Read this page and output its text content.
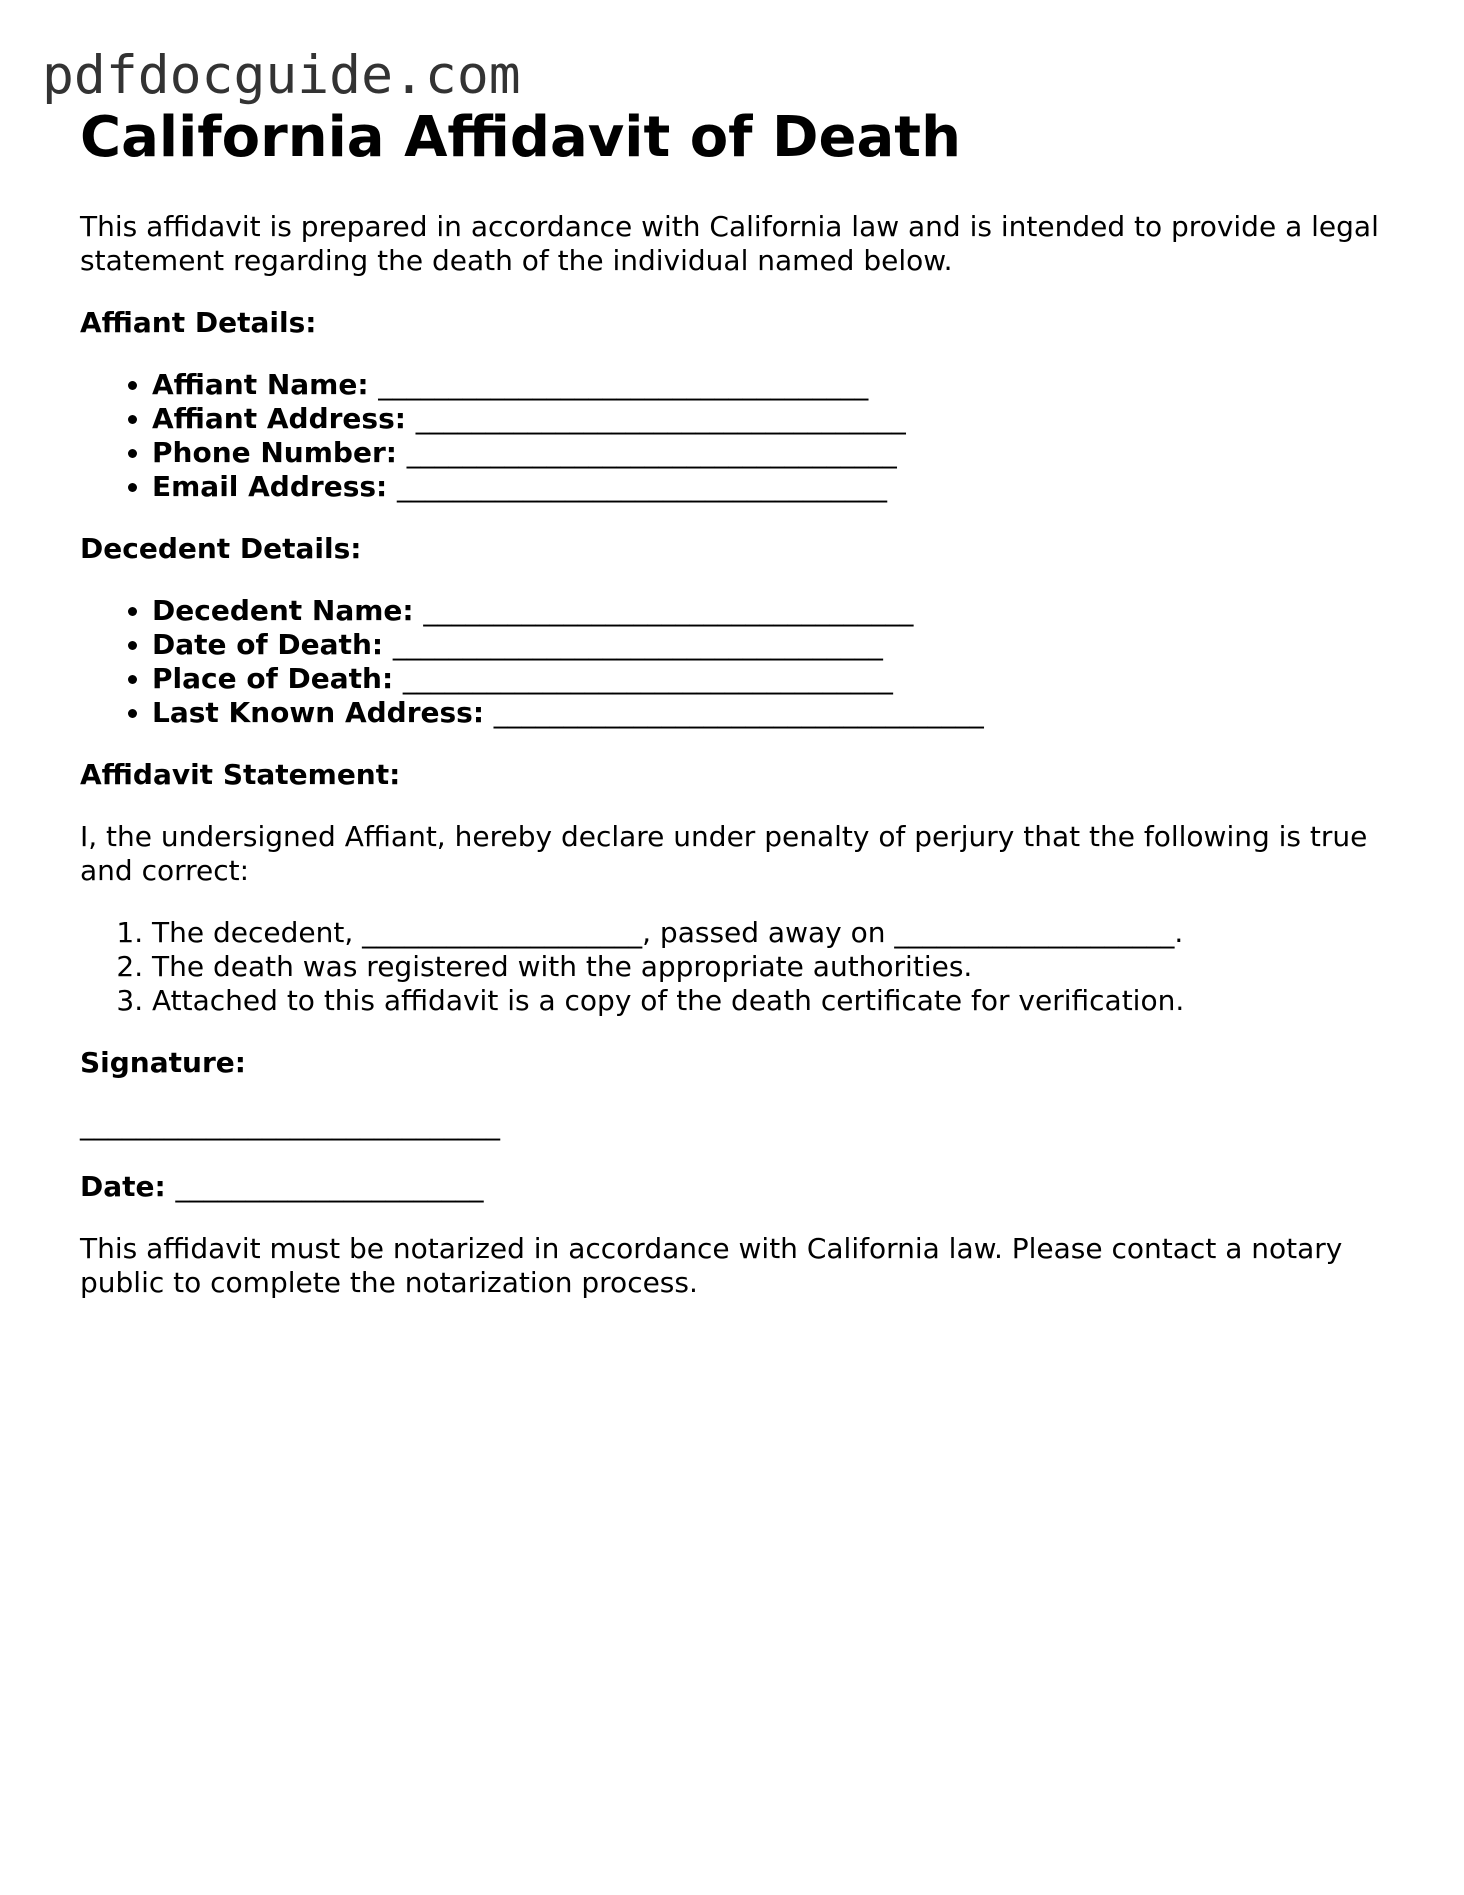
pdfdocguide.com
California Affidavit of Death

This affidavit is prepared in accordance with California law and is intended to provide a legal statement regarding the death of the individual named below.

Affiant Details:
• Affiant Name: ___________________________________
• Affiant Address: ___________________________________
• Phone Number: ___________________________________
• Email Address: ___________________________________
Decedent Details:
• Decedent Name: ___________________________________
• Date of Death: ___________________________________
• Place of Death: ___________________________________
• Last Known Address: ___________________________________
Affidavit Statement:

I, the undersigned Affiant, hereby declare under penalty of perjury that the following is true and correct:

1. The decedent, ____________________, passed away on ____________________.
2. The death was registered with the appropriate authorities.
3. Attached to this affidavit is a copy of the death certificate for verification.
Signature:

______________________________

Date: ______________________

This affidavit must be notarized in accordance with California law. Please contact a notary public to complete the notarization process.
